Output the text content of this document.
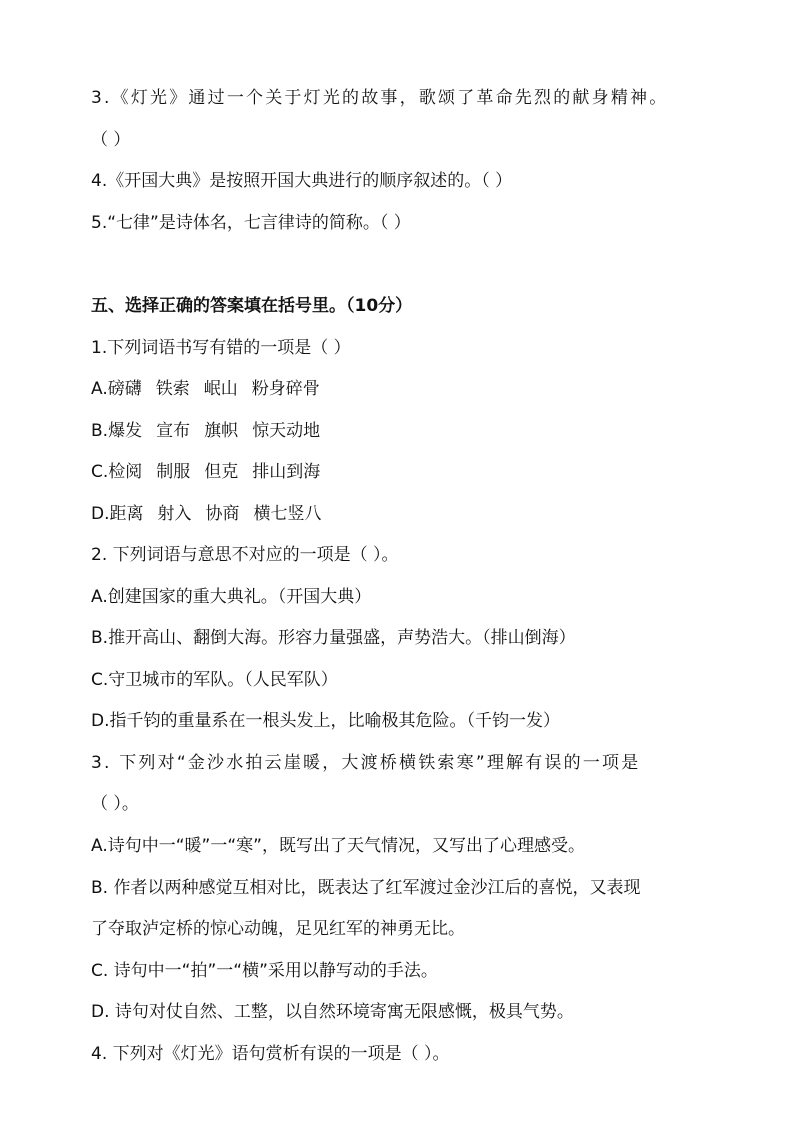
3.《灯光》通过一个关于灯光的故事，歌颂了革命先烈的献身精神。
（ ）
4.《开国大典》是按照开国大典进行的顺序叙述的。（ ）
5.“七律”是诗体名，七言律诗的简称。（ ）
五、选择正确的答案填在括号里。（10分）
1.下列词语书写有错的一项是（ ）
A.磅礴 铁索 岷山 粉身碎骨
B.爆发 宣布 旗帜 惊天动地
C.检阅 制服 但克 排山到海
D.距离 射入 协商 横七竖八
2. 下列词语与意思不对应的一项是（ ）。
A.创建国家的重大典礼。（开国大典）
B.推开高山、翻倒大海。形容力量强盛，声势浩大。（排山倒海）
C.守卫城市的军队。（人民军队）
D.指千钧的重量系在一根头发上，比喻极其危险。（千钧一发）
3. 下列对“金沙水拍云崖暖，大渡桥横铁索寒”理解有误的一项是
（ ）。
A.诗句中一“暖”一“寒”，既写出了天气情况，又写出了心理感受。
B. 作者以两种感觉互相对比，既表达了红军渡过金沙江后的喜悦，又表现
了夺取泸定桥的惊心动魄，足见红军的神勇无比。
C. 诗句中一“拍”一“横”采用以静写动的手法。
D. 诗句对仗自然、工整，以自然环境寄寓无限感慨，极具气势。
4. 下列对《灯光》语句赏析有误的一项是（ ）。
